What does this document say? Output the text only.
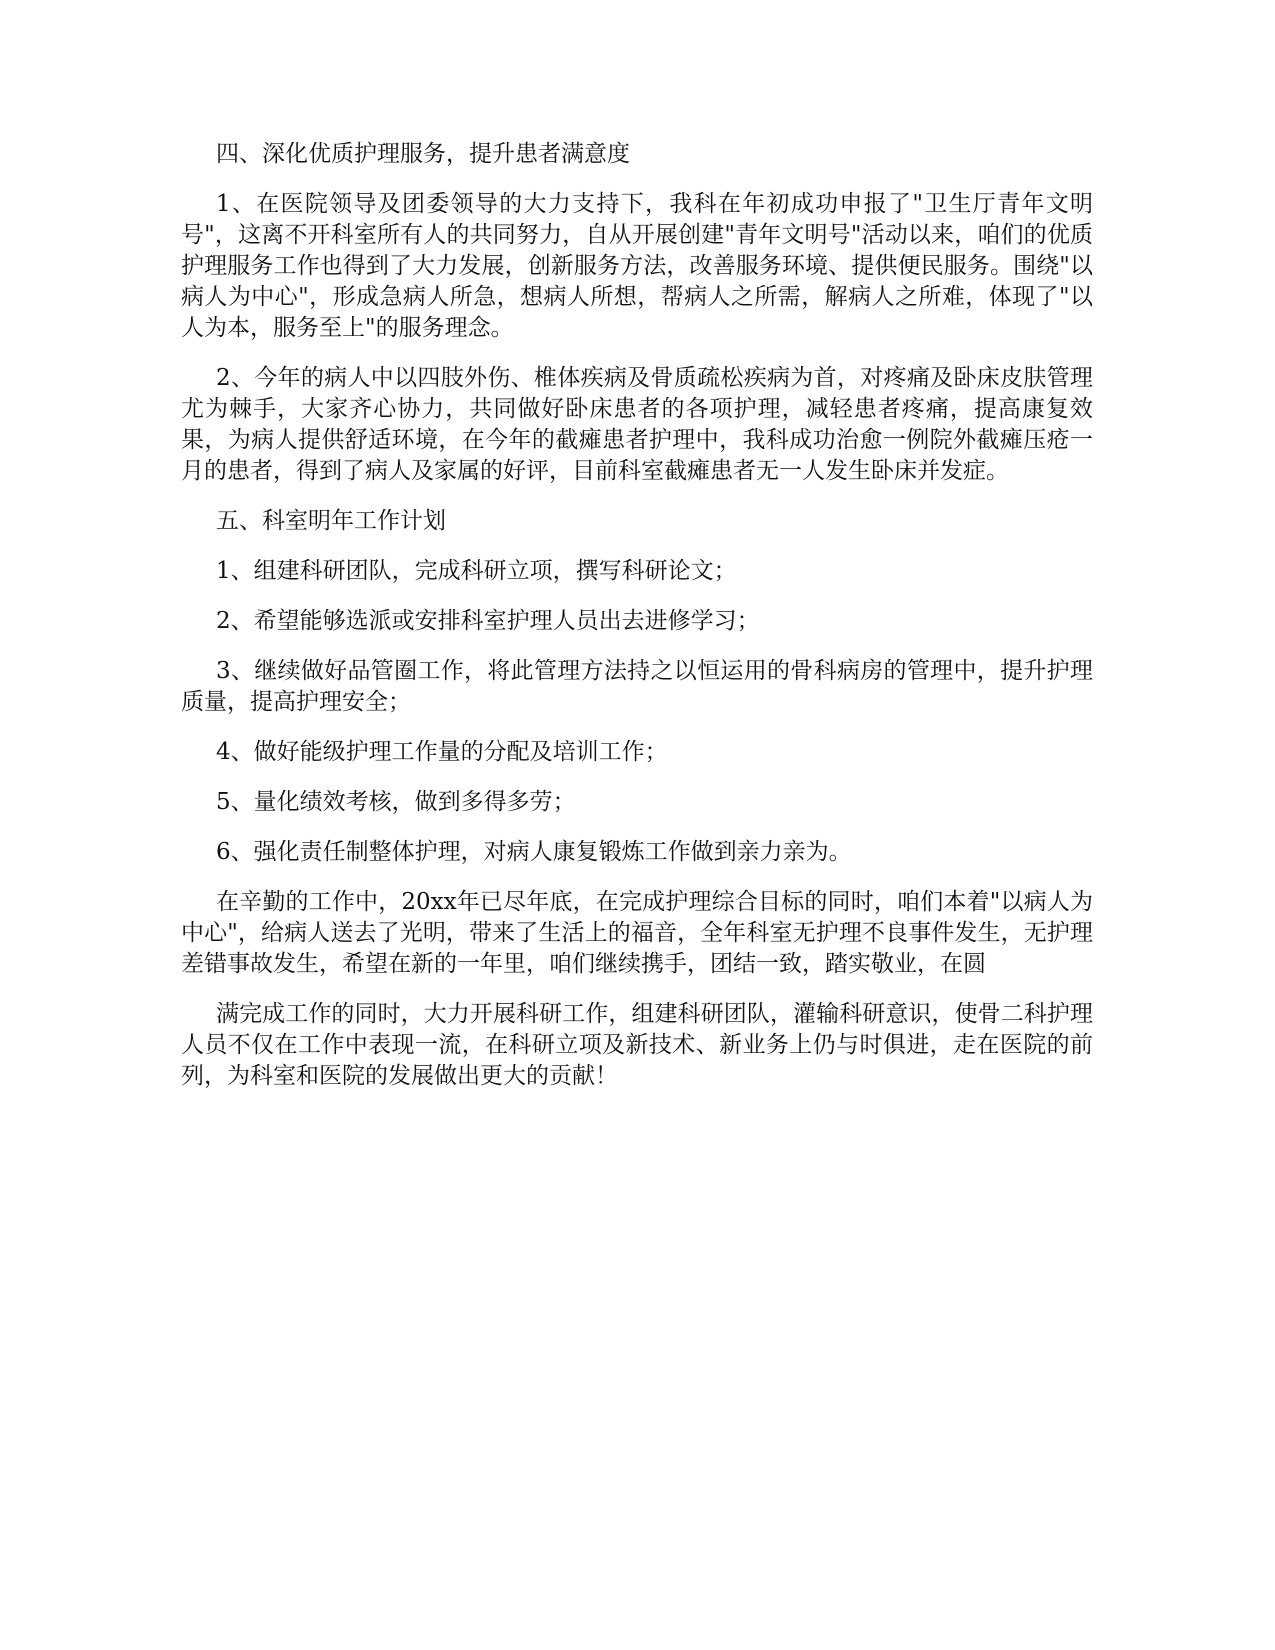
四、深化优质护理服务，提升患者满意度

1、在医院领导及团委领导的大力支持下，我科在年初成功申报了"卫生厅青年文明号"，这离不开科室所有人的共同努力，自从开展创建"青年文明号"活动以来，咱们的优质护理服务工作也得到了大力发展，创新服务方法，改善服务环境、提供便民服务。围绕"以病人为中心"，形成急病人所急，想病人所想，帮病人之所需，解病人之所难，体现了"以人为本，服务至上"的服务理念。

2、今年的病人中以四肢外伤、椎体疾病及骨质疏松疾病为首，对疼痛及卧床皮肤管理尤为棘手，大家齐心协力，共同做好卧床患者的各项护理，减轻患者疼痛，提高康复效果，为病人提供舒适环境，在今年的截瘫患者护理中，我科成功治愈一例院外截瘫压疮一月的患者，得到了病人及家属的好评，目前科室截瘫患者无一人发生卧床并发症。

五、科室明年工作计划

1、组建科研团队，完成科研立项，撰写科研论文；

2、希望能够选派或安排科室护理人员出去进修学习；

3、继续做好品管圈工作，将此管理方法持之以恒运用的骨科病房的管理中，提升护理质量，提高护理安全；

4、做好能级护理工作量的分配及培训工作；

5、量化绩效考核，做到多得多劳；

6、强化责任制整体护理，对病人康复锻炼工作做到亲力亲为。

在辛勤的工作中，20xx年已尽年底，在完成护理综合目标的同时，咱们本着"以病人为中心"，给病人送去了光明，带来了生活上的福音，全年科室无护理不良事件发生，无护理差错事故发生，希望在新的一年里，咱们继续携手，团结一致，踏实敬业，在圆

满完成工作的同时，大力开展科研工作，组建科研团队，灌输科研意识，使骨二科护理人员不仅在工作中表现一流，在科研立项及新技术、新业务上仍与时俱进，走在医院的前列，为科室和医院的发展做出更大的贡献！
